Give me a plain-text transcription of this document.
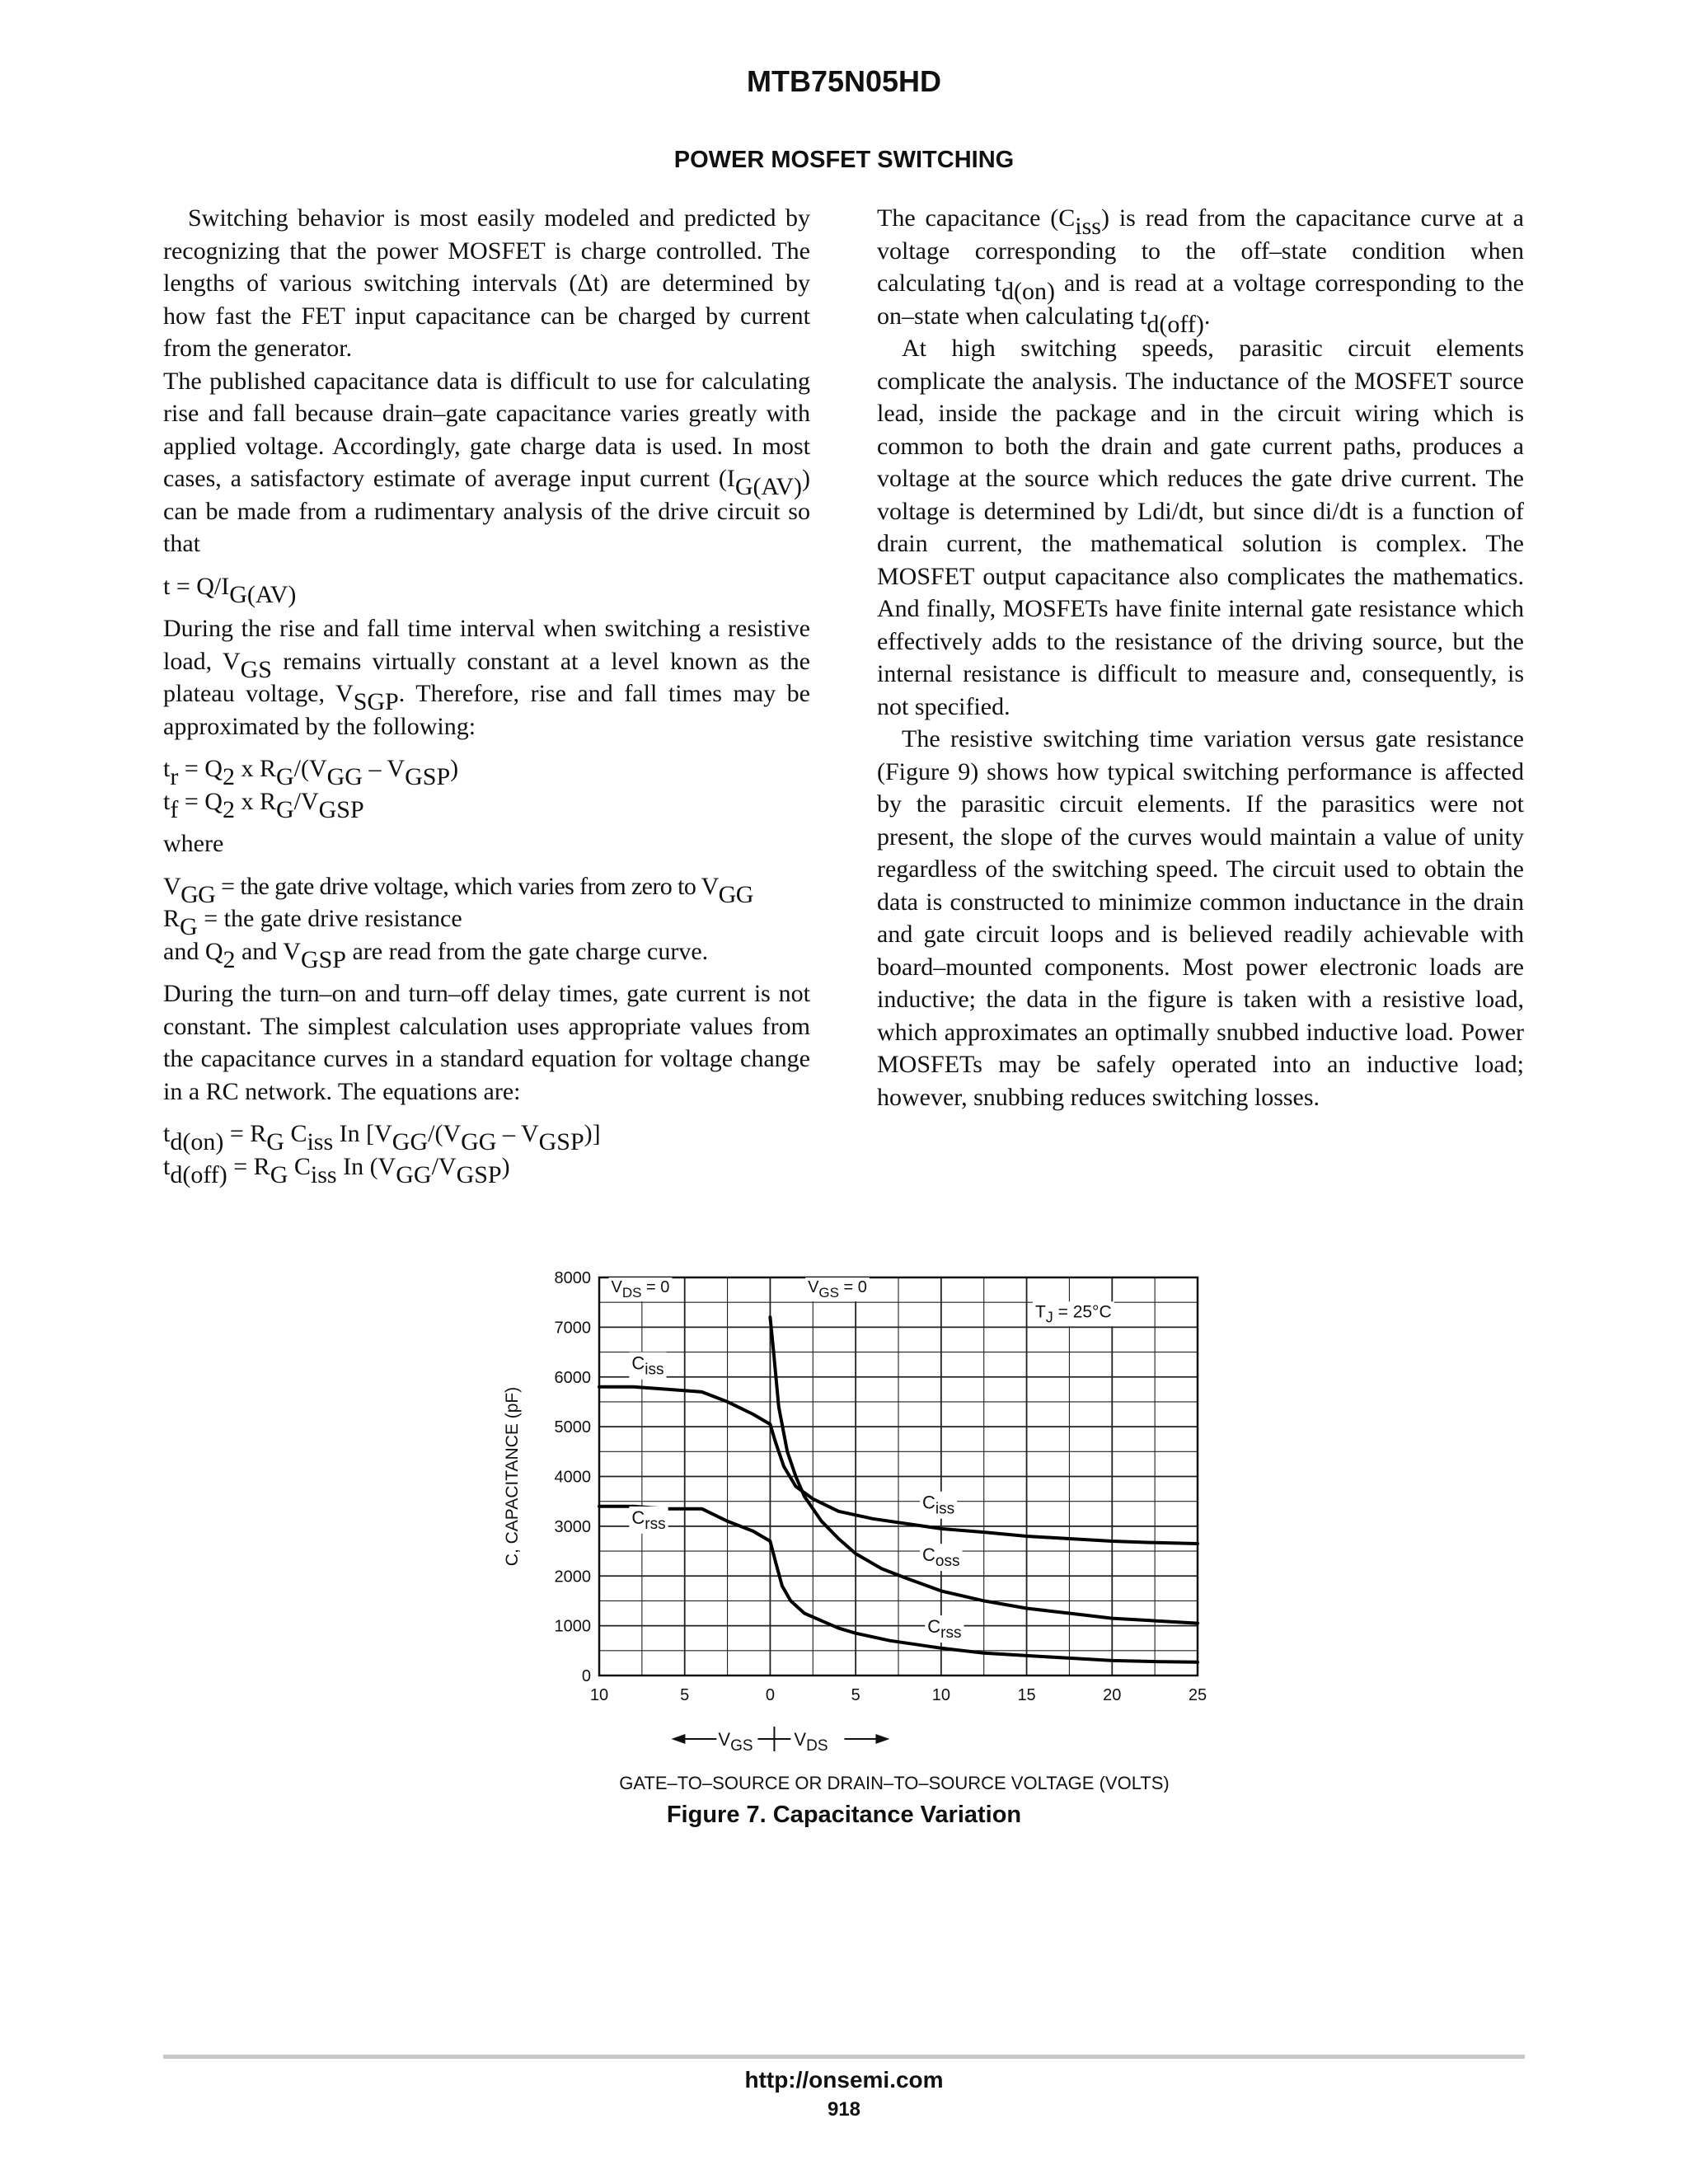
MTB75N05HD
POWER MOSFET SWITCHING

Switching behavior is most easily modeled and predicted by recognizing that the power MOSFET is charge controlled. The lengths of various switching intervals (Δt) are determined by how fast the FET input capacitance can be charged by current from the generator.

The published capacitance data is difficult to use for calculating rise and fall because drain–gate capacitance varies greatly with applied voltage. Accordingly, gate charge data is used. In most cases, a satisfactory estimate of average input current $(I_{G(AV)})$ can be made from a rudimentary analysis of the drive circuit so that

$t = Q/I_{G(AV)}$

During the rise and fall time interval when switching a resistive load, $V_{GS}$ remains virtually constant at a level known as the plateau voltage, $V_{SGP}$. Therefore, rise and fall times may be approximated by the following:

$t_r = Q_2$ x $R_G/(V_{GG} - V_{GSP})$

$t_f = Q_2$ x $R_G/V_{GSP}$

where

$V_{GG}$ = the gate drive voltage, which varies from zero to $V_{GG}$

$R_G$ = the gate drive resistance

and $Q_2$ and $V_{GSP}$ are read from the gate charge curve.

During the turn–on and turn–off delay times, gate current is not constant. The simplest calculation uses appropriate values from the capacitance curves in a standard equation for voltage change in a RC network. The equations are:

$t_{d(on)} = R_G$ $C_{iss}$ In $[V_{GG}/(V_{GG} - V_{GSP})]$

$t_{d(off)} = R_G$ $C_{iss}$ In $(V_{GG}/V_{GSP})$

The capacitance $(C_{iss})$ is read from the capacitance curve at a voltage corresponding to the off–state condition when calculating $t_{d(on)}$ and is read at a voltage corresponding to the on–state when calculating $t_{d(off)}$.

At high switching speeds, parasitic circuit elements complicate the analysis. The inductance of the MOSFET source lead, inside the package and in the circuit wiring which is common to both the drain and gate current paths, produces a voltage at the source which reduces the gate drive current. The voltage is determined by Ldi/dt, but since di/dt is a function of drain current, the mathematical solution is complex. The MOSFET output capacitance also complicates the mathematics. And finally, MOSFETs have finite internal gate resistance which effectively adds to the resistance of the driving source, but the internal resistance is difficult to measure and, consequently, is not specified.

The resistive switching time variation versus gate resistance (Figure 9) shows how typical switching performance is affected by the parasitic circuit elements. If the parasitics were not present, the slope of the curves would maintain a value of unity regardless of the switching speed. The circuit used to obtain the data is constructed to minimize common inductance in the drain and gate circuit loops and is believed readily achievable with board–mounted components. Most power electronic loads are inductive; the data in the figure is taken with a resistive load, which approximates an optimally snubbed inductive load. Power MOSFETs may be safely operated into an inductive load; however, snubbing reduces switching losses.

0
1000
2000
3000
4000
5000
6000
7000
8000
10	5	0	5	10	15	20	25
C, CAPACITANCE (pF)
GATE–TO–SOURCE OR DRAIN–TO–SOURCE VOLTAGE (VOLTS)
VGS VDS
$V_{DS} = 0$	$V_{GS} = 0$
TJ = 25°C
Ciss
Crss
Ciss
Coss
Crss
Figure 7. Capacitance Variation
http://onsemi.com
918
